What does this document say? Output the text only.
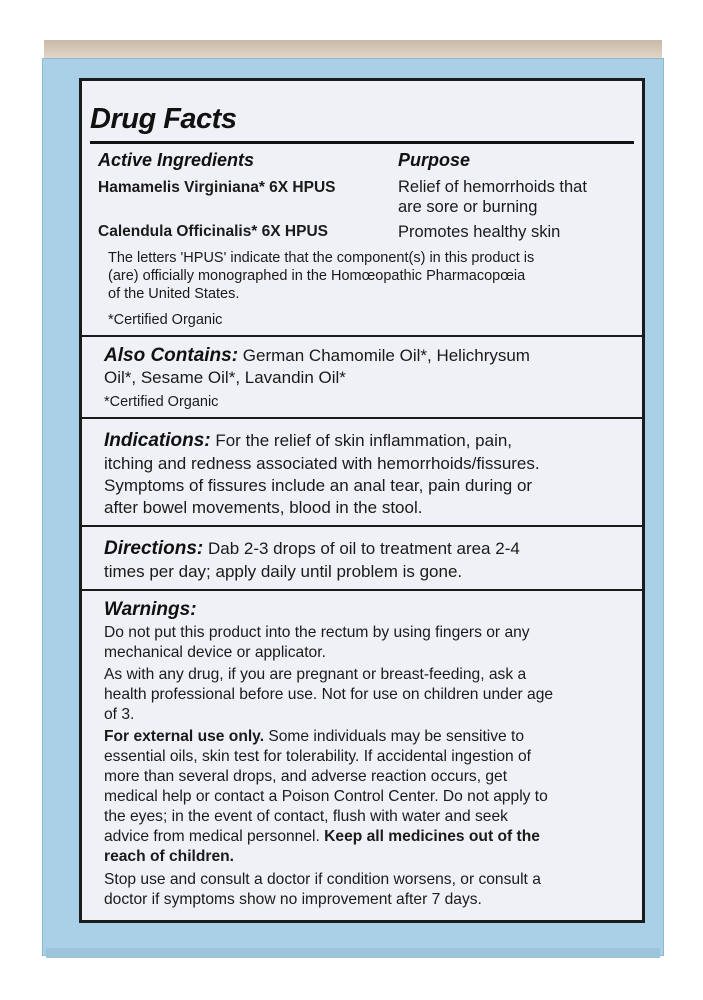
Drug Facts
Active Ingredients	Purpose
Hamamelis Virginiana* 6X HPUS	Relief of hemorrhoids that
are sore or burning
Calendula Officinalis* 6X HPUS	Promotes healthy skin
The letters 'HPUS' indicate that the component(s) in this product is
(are) officially monographed in the Homœopathic Pharmacopœia
of the United States.
*Certified Organic
Also Contains: German Chamomile Oil*, Helichrysum
Oil*, Sesame Oil*, Lavandin Oil*
*Certified Organic
Indications: For the relief of skin inflammation, pain,
itching and redness associated with hemorrhoids/fissures.
Symptoms of fissures include an anal tear, pain during or
after bowel movements, blood in the stool.
Directions: Dab 2-3 drops of oil to treatment area 2-4
times per day; apply daily until problem is gone.
Warnings:
Do not put this product into the rectum by using fingers or any
mechanical device or applicator.
As with any drug, if you are pregnant or breast-feeding, ask a
health professional before use. Not for use on children under age
of 3.
For external use only. Some individuals may be sensitive to
essential oils, skin test for tolerability. If accidental ingestion of
more than several drops, and adverse reaction occurs, get
medical help or contact a Poison Control Center. Do not apply to
the eyes; in the event of contact, flush with water and seek
advice from medical personnel. Keep all medicines out of the
reach of children.
Stop use and consult a doctor if condition worsens, or consult a
doctor if symptoms show no improvement after 7 days.
